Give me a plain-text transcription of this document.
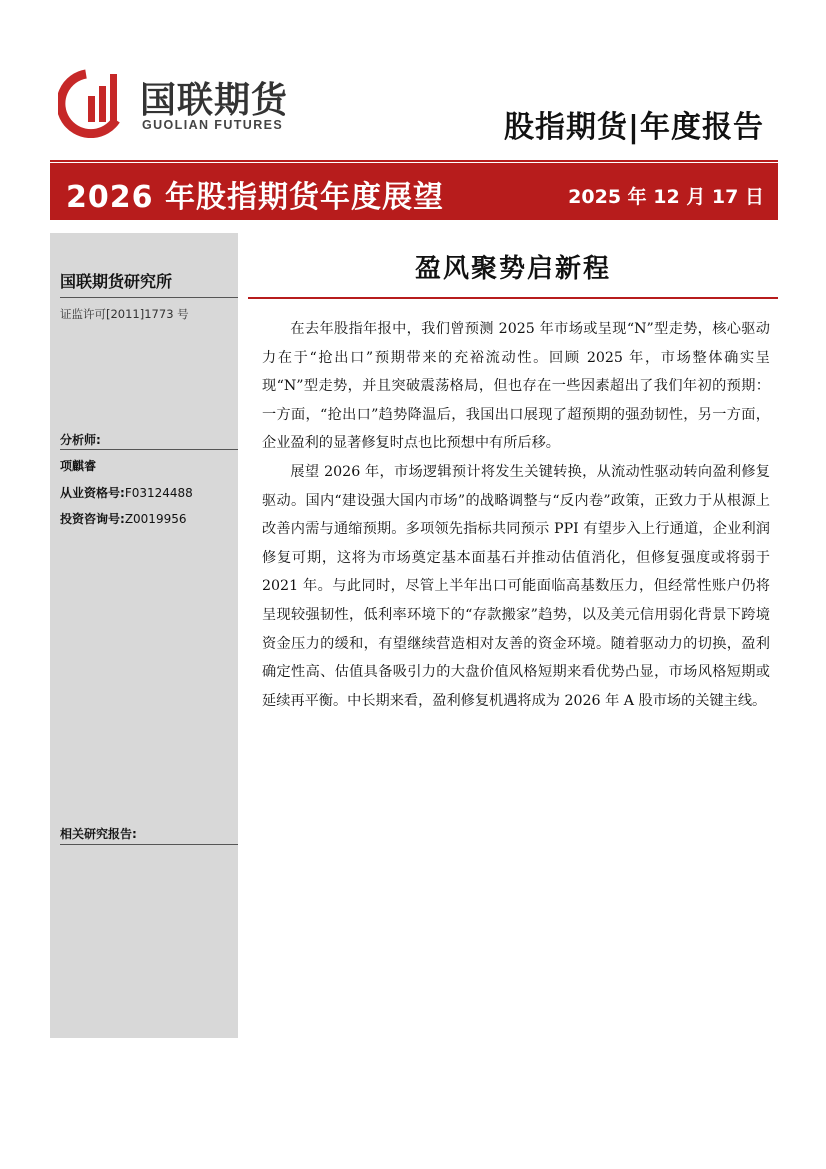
国联期货
GUOLIAN FUTURES	股指期货|年度报告
2026 年股指期货年度展望	2025 年 12 月 17 日
国联期货研究所
证监许可[2011]1773 号
分析师:
项麒睿
从业资格号:F03124488
投资咨询号:Z0019956
相关研究报告:
盈风聚势启新程

在去年股指年报中，我们曾预测 2025 年市场或呈现“N”型走势，核心驱动力在于“抢出口”预期带来的充裕流动性。回顾 2025 年，市场整体确实呈现“N”型走势，并且突破震荡格局，但也存在一些因素超出了我们年初的预期：一方面，“抢出口”趋势降温后，我国出口展现了超预期的强劲韧性，另一方面，企业盈利的显著修复时点也比预想中有所后移。

展望 2026 年，市场逻辑预计将发生关键转换，从流动性驱动转向盈利修复驱动。国内“建设强大国内市场”的战略调整与“反内卷”政策，正致力于从根源上改善内需与通缩预期。多项领先指标共同预示 PPI 有望步入上行通道，企业利润修复可期，这将为市场奠定基本面基石并推动估值消化，但修复强度或将弱于 2021 年。与此同时，尽管上半年出口可能面临高基数压力，但经常性账户仍将呈现较强韧性，低利率环境下的“存款搬家”趋势，以及美元信用弱化背景下跨境资金压力的缓和，有望继续营造相对友善的资金环境。随着驱动力的切换，盈利确定性高、估值具备吸引力的大盘价值风格短期来看优势凸显，市场风格短期或延续再平衡。中长期来看，盈利修复机遇将成为 2026 年 A 股市场的关键主线。
